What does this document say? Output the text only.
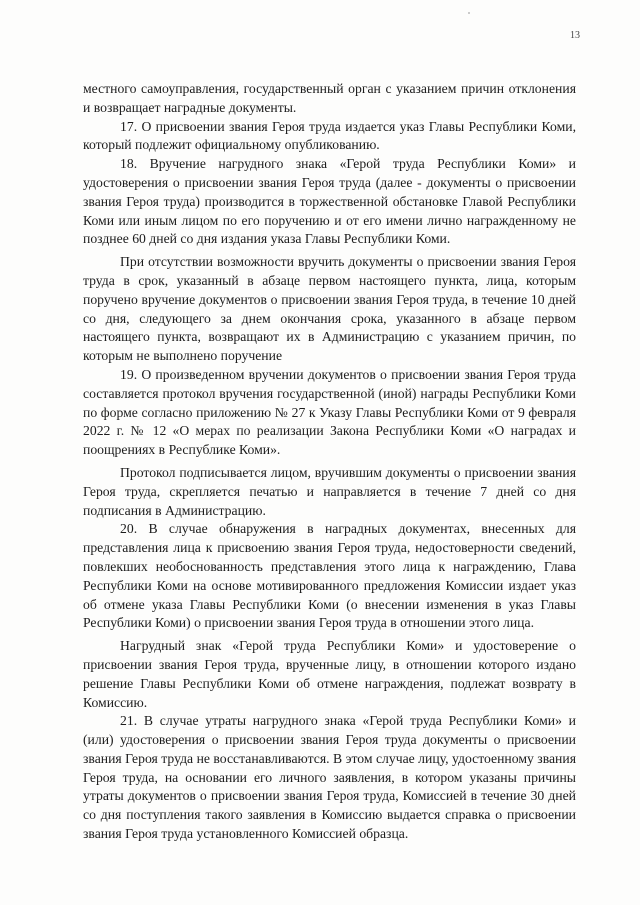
13

местного самоуправления, государственный орган с указанием причин отклонения и возвращает наградные документы.

17. О присвоении звания Героя труда издается указ Главы Республики Коми, который подлежит официальному опубликованию.

18. Вручение нагрудного знака «Герой труда Республики Коми» и удостоверения о присвоении звания Героя труда (далее - документы о присвоении звания Героя труда) производится в торжественной обстановке Главой Республики Коми или иным лицом по его поручению и от его имени лично награжденному не позднее 60 дней со дня издания указа Главы Республики Коми.

При отсутствии возможности вручить документы о присвоении звания Героя труда в срок, указанный в абзаце первом настоящего пункта, лица, которым поручено вручение документов о присвоении звания Героя труда, в течение 10 дней со дня, следующего за днем окончания срока, указанного в абзаце первом настоящего пункта, возвращают их в Администрацию с указанием причин, по которым не выполнено поручение

19. О произведенном вручении документов о присвоении звания Героя труда составляется протокол вручения государственной (иной) награды Республики Коми по форме согласно приложению № 27 к Указу Главы Республики Коми от 9 февраля 2022 г. № 12 «О мерах по реализации Закона Республики Коми «О наградах и поощрениях в Республике Коми».

Протокол подписывается лицом, вручившим документы о присвоении звания Героя труда, скрепляется печатью и направляется в течение 7 дней со дня подписания в Администрацию.

20. В случае обнаружения в наградных документах, внесенных для представления лица к присвоению звания Героя труда, недостоверности сведений, повлекших необоснованность представления этого лица к награждению, Глава Республики Коми на основе мотивированного предложения Комиссии издает указ об отмене указа Главы Республики Коми (о внесении изменения в указ Главы Республики Коми) о присвоении звания Героя труда в отношении этого лица.

Нагрудный знак «Герой труда Республики Коми» и удостоверение о присвоении звания Героя труда, врученные лицу, в отношении которого издано решение Главы Республики Коми об отмене награждения, подлежат возврату в Комиссию.

21. В случае утраты нагрудного знака «Герой труда Республики Коми» и (или) удостоверения о присвоении звания Героя труда документы о присвоении звания Героя труда не восстанавливаются. В этом случае лицу, удостоенному звания Героя труда, на основании его личного заявления, в котором указаны причины утраты документов о присвоении звания Героя труда, Комиссией в течение 30 дней со дня поступления такого заявления в Комиссию выдается справка о присвоении звания Героя труда установленного Комиссией образца.
